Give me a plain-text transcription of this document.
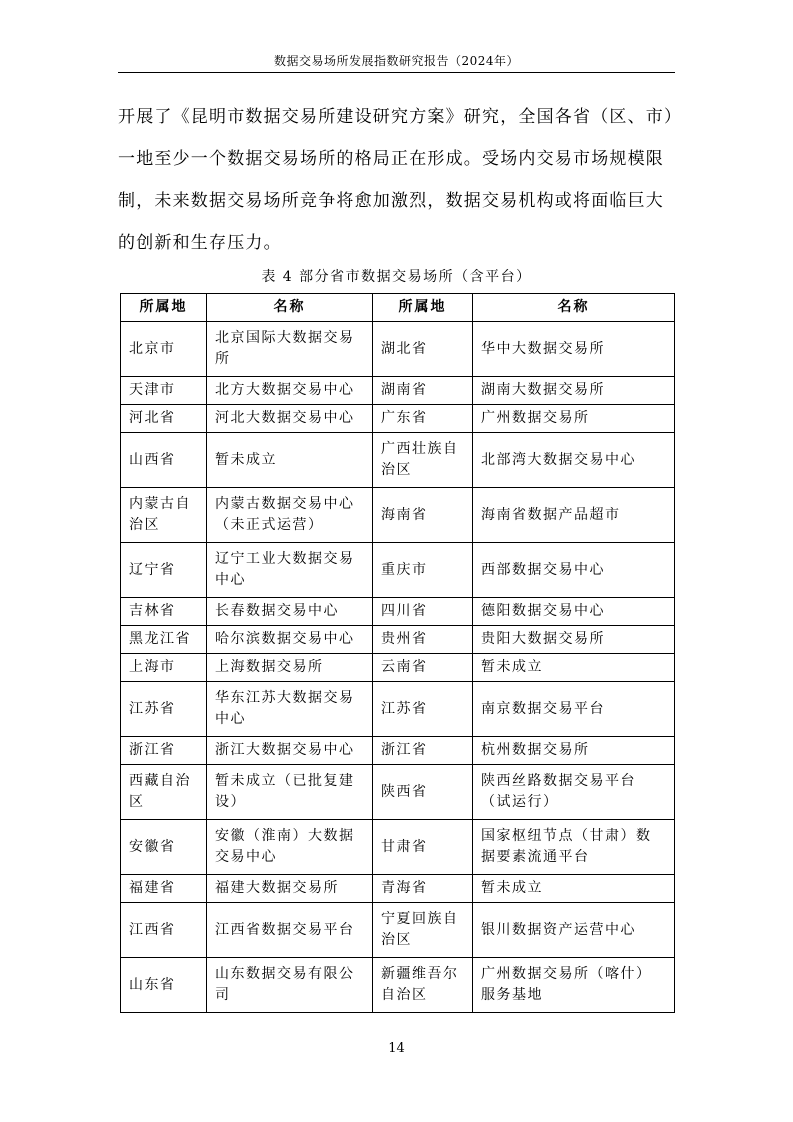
数据交易场所发展指数研究报告（2024年）

开展了《昆明市数据交易所建设研究方案》研究，全国各省（区、市）

一地至少一个数据交易场所的格局正在形成。受场内交易市场规模限

制，未来数据交易场所竞争将愈加激烈，数据交易机构或将面临巨大

的创新和生存压力。

表 4 部分省市数据交易场所（含平台）
所属地	名称	所属地	名称
北京市	北京国际大数据交易所	湖北省	华中大数据交易所
天津市	北方大数据交易中心	湖南省	湖南大数据交易所
河北省	河北大数据交易中心	广东省	广州数据交易所
山西省	暂未成立	广西壮族自治区	北部湾大数据交易中心
内蒙古自治区	内蒙古数据交易中心（未正式运营）	海南省	海南省数据产品超市
辽宁省	辽宁工业大数据交易中心	重庆市	西部数据交易中心
吉林省	长春数据交易中心	四川省	德阳数据交易中心
黑龙江省	哈尔滨数据交易中心	贵州省	贵阳大数据交易所
上海市	上海数据交易所	云南省	暂未成立
江苏省	华东江苏大数据交易中心	江苏省	南京数据交易平台
浙江省	浙江大数据交易中心	浙江省	杭州数据交易所
西藏自治区	暂未成立（已批复建设）	陕西省	陕西丝路数据交易平台（试运行）
安徽省	安徽（淮南）大数据交易中心	甘肃省	国家枢纽节点（甘肃）数据要素流通平台
福建省	福建大数据交易所	青海省	暂未成立
江西省	江西省数据交易平台	宁夏回族自治区	银川数据资产运营中心
山东省	山东数据交易有限公司	新疆维吾尔自治区	广州数据交易所（喀什）服务基地
14
